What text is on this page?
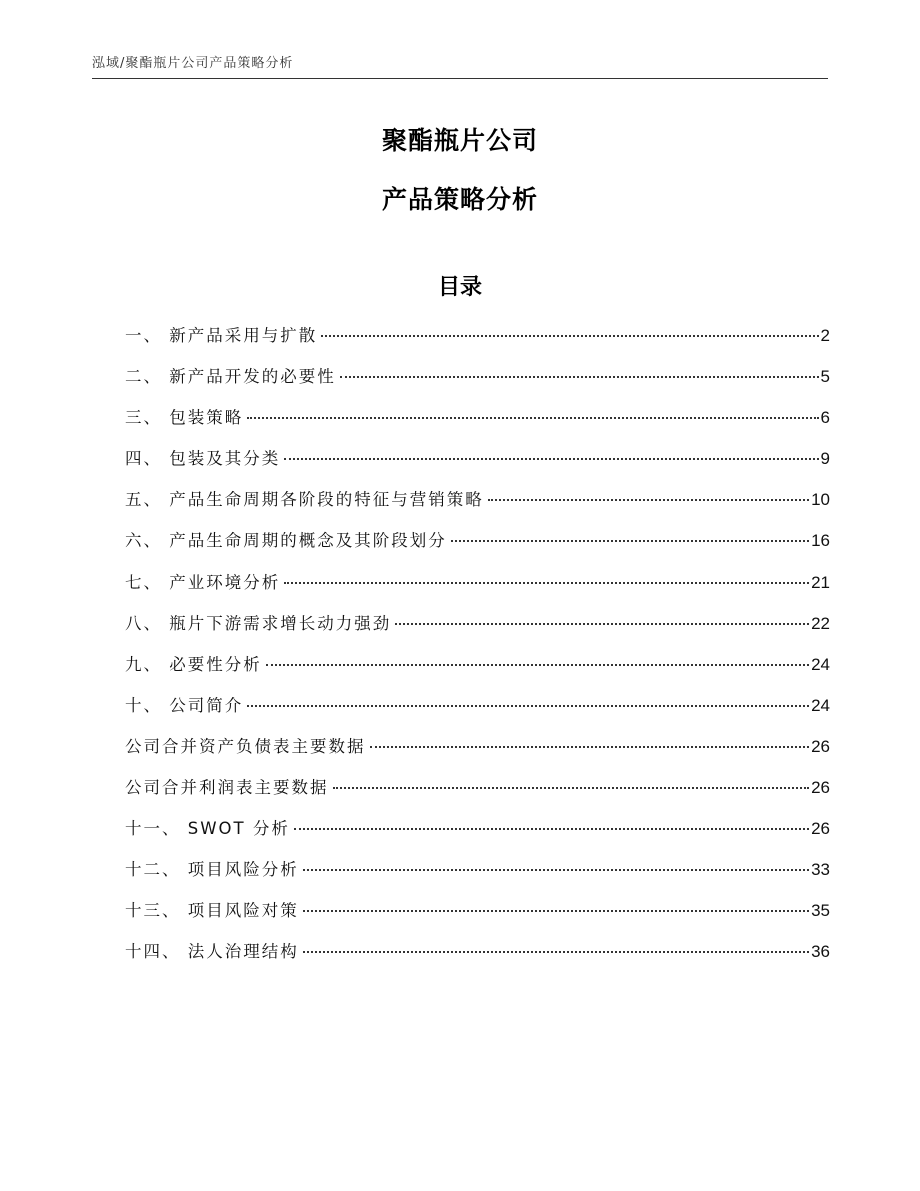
泓域/聚酯瓶片公司产品策略分析
聚酯瓶片公司
产品策略分析
目录
一、 新产品采用与扩散	2
二、 新产品开发的必要性	5
三、 包装策略	6
四、 包装及其分类	9
五、 产品生命周期各阶段的特征与营销策略	10
六、 产品生命周期的概念及其阶段划分	16
七、 产业环境分析	21
八、 瓶片下游需求增长动力强劲	22
九、 必要性分析	24
十、 公司简介	24
公司合并资产负债表主要数据	26
公司合并利润表主要数据	26
十一、 SWOT 分析	26
十二、 项目风险分析	33
十三、 项目风险对策	35
十四、 法人治理结构	36
